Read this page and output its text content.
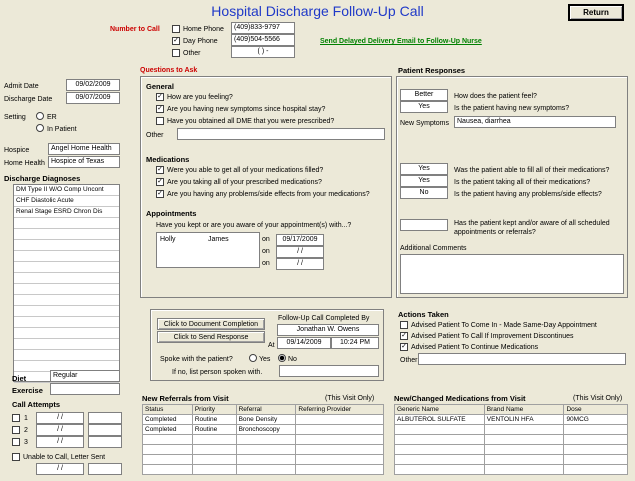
Hospital Discharge Follow-Up Call	Return
Number to Call	Home Phone	(409)833-9797
✓ Day Phone	(409)504-5566
Other	( ) -
Send Delayed Delivery Email to Follow-Up Nurse
Admit Date	09/02/2009
Discharge Date	09/07/2009
Setting	ER
In Patient
Hospice	Angel Home Health
Home Health Hospice of Texas
Discharge Diagnoses
DM Type II W/O Comp Uncont
CHF Diastolic Acute
Renal Stage ESRD Chron Dis
Diet	Regular
Exercise
Call Attempts
1	/ /
2	/ /
3	/ /
Unable to Call, Letter Sent
/ /
Questions to Ask
General
✓ How are you feeling?
✓ Are you having new symptoms since hospital stay?
Have you obtained all DME that you were prescribed?
Other
Medications
✓ Were you able to get all of your medications filled?
✓ Are you taking all of your prescribed medications?
✓ Are you having any problems/side effects from your medications?
Appointments
Have you kept or are you aware of your appointment(s) with...?
Holly	James	on	09/17/2009
on	/ /
on	/ /
Patient Responses
Better	How does the patient feel?
Yes	Is the patient having new symptoms?
New Symptoms	Nausea, diarrhea
Yes	Was the patient able to fill all of their medications?
Yes	Is the patient taking all of their medications?
No	Is the patient having any problems/side effects?
Has the patient kept and/or aware of all scheduled appointments or referrals?
Additional Comments
Click to Document Completion
Click to Send Response
Follow-Up Call Completed By
Jonathan W. Owens
At	09/14/2009	10:24 PM
Spoke with the patient?	Yes	No
If no, list person spoken with.
Actions Taken
Advised Patient To Come In - Made Same-Day Appointment
✓ Advised Patient To Call If Improvement Discontinues
✓ Advised Patient To Continue Medications
Other
New Referrals from Visit	(This Visit Only)
Status	Priority	Referral	Referring Provider
Completed	Routine	Bone Density	
Completed	Routine	Bronchoscopy	

New/Changed Medications from Visit	(This Visit Only)
Generic Name	Brand Name	Dose
ALBUTEROL SULFATE	VENTOLIN HFA	90MCG
